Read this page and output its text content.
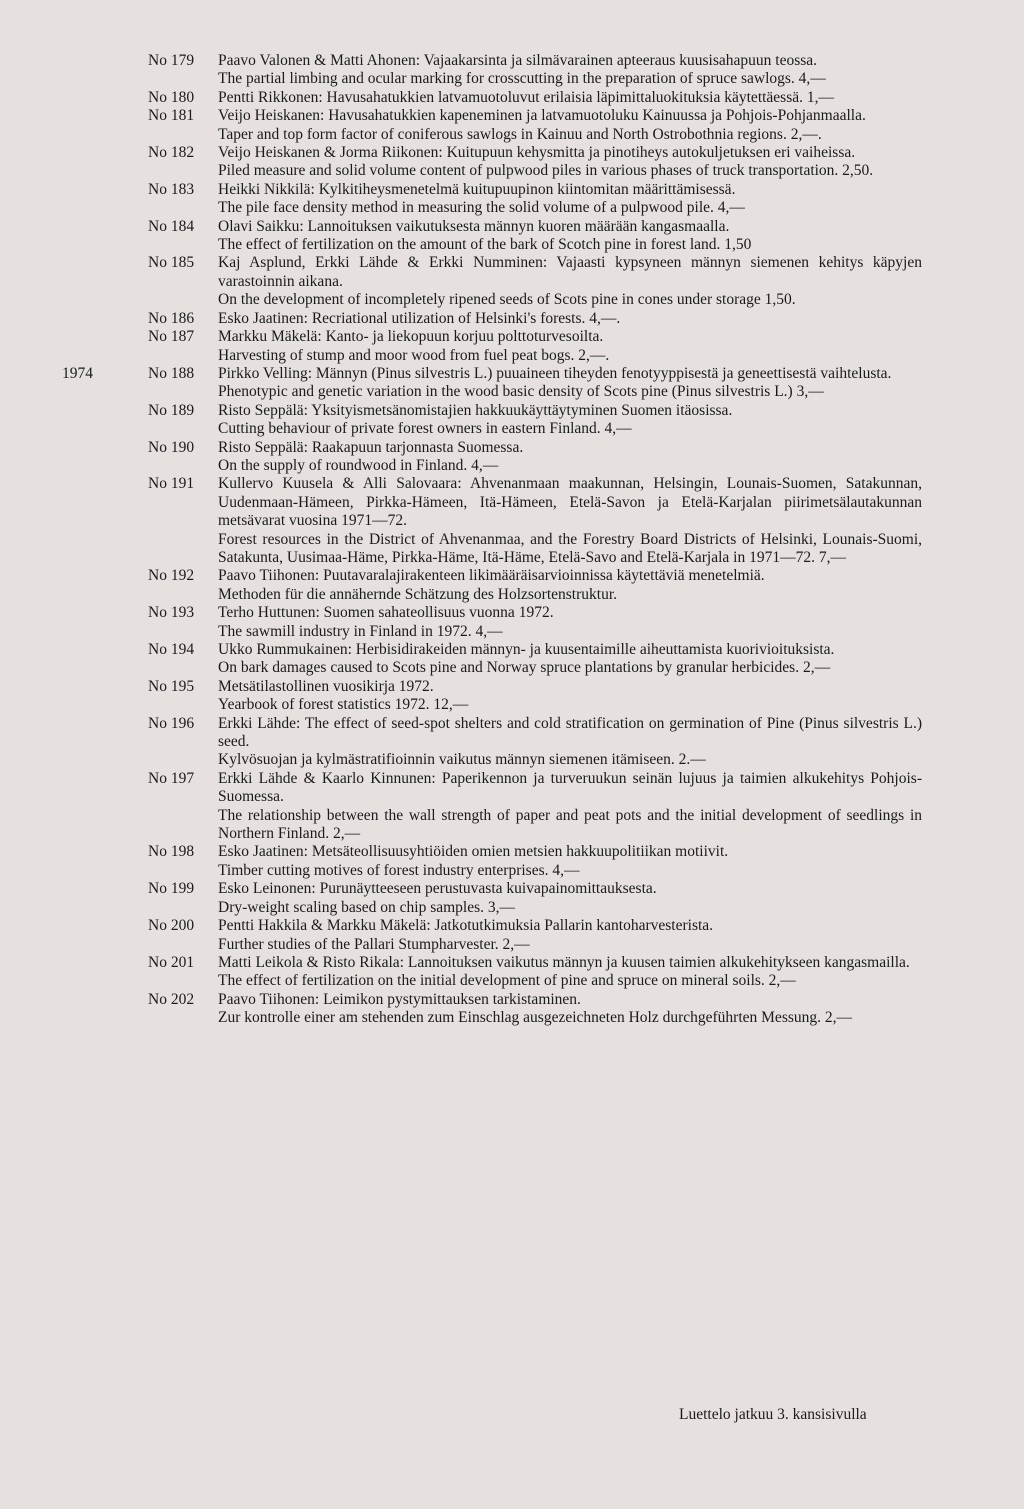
No 179 Paavo Valonen & Matti Ahonen: Vajaakarsinta ja silmävarainen apteeraus kuusisahapuun teossa.
The partial limbing and ocular marking for crosscutting in the preparation of spruce sawlogs. 4,—
No 180 Pentti Rikkonen: Havusahatukkien latvamuotoluvut erilaisia läpimittaluokituksia käytettäessä. 1,—
No 181 Veijo Heiskanen: Havusahatukkien kapeneminen ja latvamuotoluku Kainuussa ja Pohjois-Pohjanmaalla.
Taper and top form factor of coniferous sawlogs in Kainuu and North Ostrobothnia regions. 2,—.
No 182 Veijo Heiskanen & Jorma Riikonen: Kuitupuun kehysmitta ja pinotiheys autokuljetuksen eri vaiheissa.
Piled measure and solid volume content of pulpwood piles in various phases of truck transportation. 2,50.
No 183 Heikki Nikkilä: Kylkitiheysmenetelmä kuitupuupinon kiintomitan määrittämisessä.
The pile face density method in measuring the solid volume of a pulpwood pile. 4,—
No 184 Olavi Saikku: Lannoituksen vaikutuksesta männyn kuoren määrään kangasmaalla.
The effect of fertilization on the amount of the bark of Scotch pine in forest land. 1,50
No 185 Kaj Asplund, Erkki Lähde & Erkki Numminen: Vajaasti kypsyneen männyn siemenen kehitys käpyjen varastoinnin aikana.
On the development of incompletely ripened seeds of Scots pine in cones under storage 1,50.
No 186 Esko Jaatinen: Recriational utilization of Helsinki's forests. 4,—.
No 187 Markku Mäkelä: Kanto- ja liekopuun korjuu polttoturvesoilta.
Harvesting of stump and moor wood from fuel peat bogs. 2,—.
1974	No 188 Pirkko Velling: Männyn (Pinus silvestris L.) puuaineen tiheyden fenotyyppisestä ja geneettisestä vaihtelusta.
Phenotypic and genetic variation in the wood basic density of Scots pine (Pinus silvestris L.) 3,—
No 189 Risto Seppälä: Yksityismetsänomistajien hakkuukäyttäytyminen Suomen itäosissa.
Cutting behaviour of private forest owners in eastern Finland. 4,—
No 190 Risto Seppälä: Raakapuun tarjonnasta Suomessa.
On the supply of roundwood in Finland. 4,—
No 191 Kullervo Kuusela & Alli Salovaara: Ahvenanmaan maakunnan, Helsingin, Lounais-Suomen, Satakunnan, Uudenmaan-Hämeen, Pirkka-Hämeen, Itä-Hämeen, Etelä-Savon ja Etelä-Karjalan piirimetsälautakunnan metsävarat vuosina 1971—72.
Forest resources in the District of Ahvenanmaa, and the Forestry Board Districts of Helsinki, Lounais-Suomi, Satakunta, Uusimaa-Häme, Pirkka-Häme, Itä-Häme, Etelä-Savo and Etelä-Karjala in 1971—72. 7,—
No 192 Paavo Tiihonen: Puutavaralajirakenteen likimääräisarvioinnissa käytettäviä menetelmiä.
Methoden für die annähernde Schätzung des Holzsortenstruktur.
No 193 Terho Huttunen: Suomen sahateollisuus vuonna 1972.
The sawmill industry in Finland in 1972. 4,—
No 194 Ukko Rummukainen: Herbisidirakeiden männyn- ja kuusentaimille aiheuttamista kuorivioituksista.
On bark damages caused to Scots pine and Norway spruce plantations by granular herbicides. 2,—
No 195 Metsätilastollinen vuosikirja 1972.
Yearbook of forest statistics 1972. 12,—
No 196 Erkki Lähde: The effect of seed-spot shelters and cold stratification on germination of Pine (Pinus silvestris L.) seed.
Kylvösuojan ja kylmästratifioinnin vaikutus männyn siemenen itämiseen. 2.—
No 197 Erkki Lähde & Kaarlo Kinnunen: Paperikennon ja turveruukun seinän lujuus ja taimien alkukehitys Pohjois-Suomessa.
The relationship between the wall strength of paper and peat pots and the initial development of seedlings in Northern Finland. 2,—
No 198 Esko Jaatinen: Metsäteollisuusyhtiöiden omien metsien hakkuupolitiikan motiivit.
Timber cutting motives of forest industry enterprises. 4,—
No 199 Esko Leinonen: Purunäytteeseen perustuvasta kuivapainomittauksesta.
Dry-weight scaling based on chip samples. 3,—
No 200 Pentti Hakkila & Markku Mäkelä: Jatkotutkimuksia Pallarin kantoharvesterista.
Further studies of the Pallari Stumpharvester. 2,—
No 201 Matti Leikola & Risto Rikala: Lannoituksen vaikutus männyn ja kuusen taimien alkukehitykseen kangasmailla.
The effect of fertilization on the initial development of pine and spruce on mineral soils. 2,—
No 202 Paavo Tiihonen: Leimikon pystymittauksen tarkistaminen.
Zur kontrolle einer am stehenden zum Einschlag ausgezeichneten Holz durchgeführten Messung. 2,—
Luettelo jatkuu 3. kansisivulla
